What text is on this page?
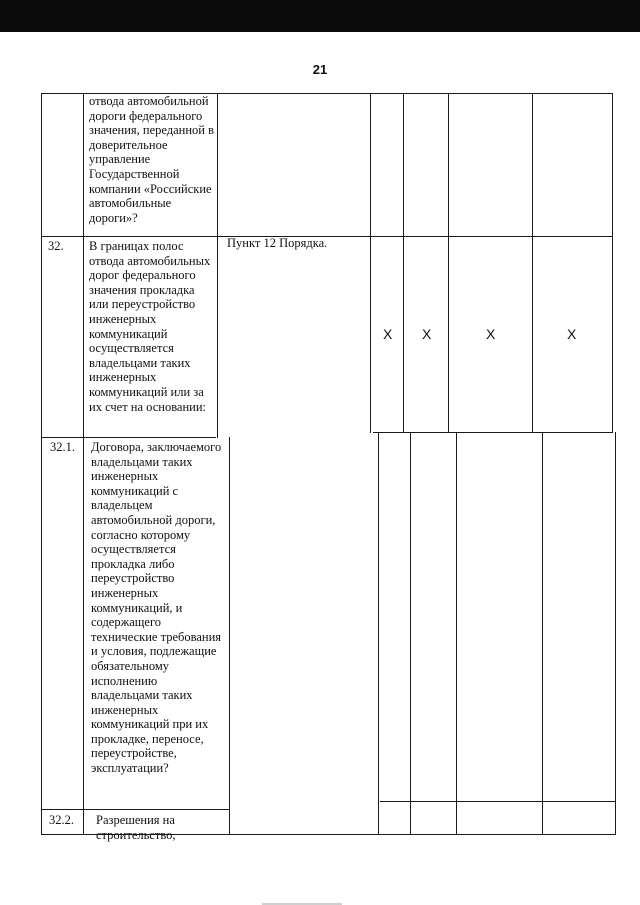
21

отвода автомобильной дороги федерального значения, переданной в доверительное управление Государственной компании «Российские автомобильные дороги»?

32. В границах полос отвода автомобильных дорог федерального значения прокладка или переустройство инженерных коммуникаций осуществляется владельцами таких инженерных коммуникаций или за их счет на основании:

Пункт 12 Порядка.
X X	X	X
32.1. Договора, заключаемого владельцами таких инженерных коммуникаций с владельцем автомобильной дороги, согласно которому осуществляется прокладка либо переустройство инженерных коммуникаций, и содержащего технические требования и условия, подлежащие обязательному исполнению владельцами таких инженерных коммуникаций при их прокладке, переносе, переустройстве, эксплуатации?

32.2. Разрешения на строительство,
